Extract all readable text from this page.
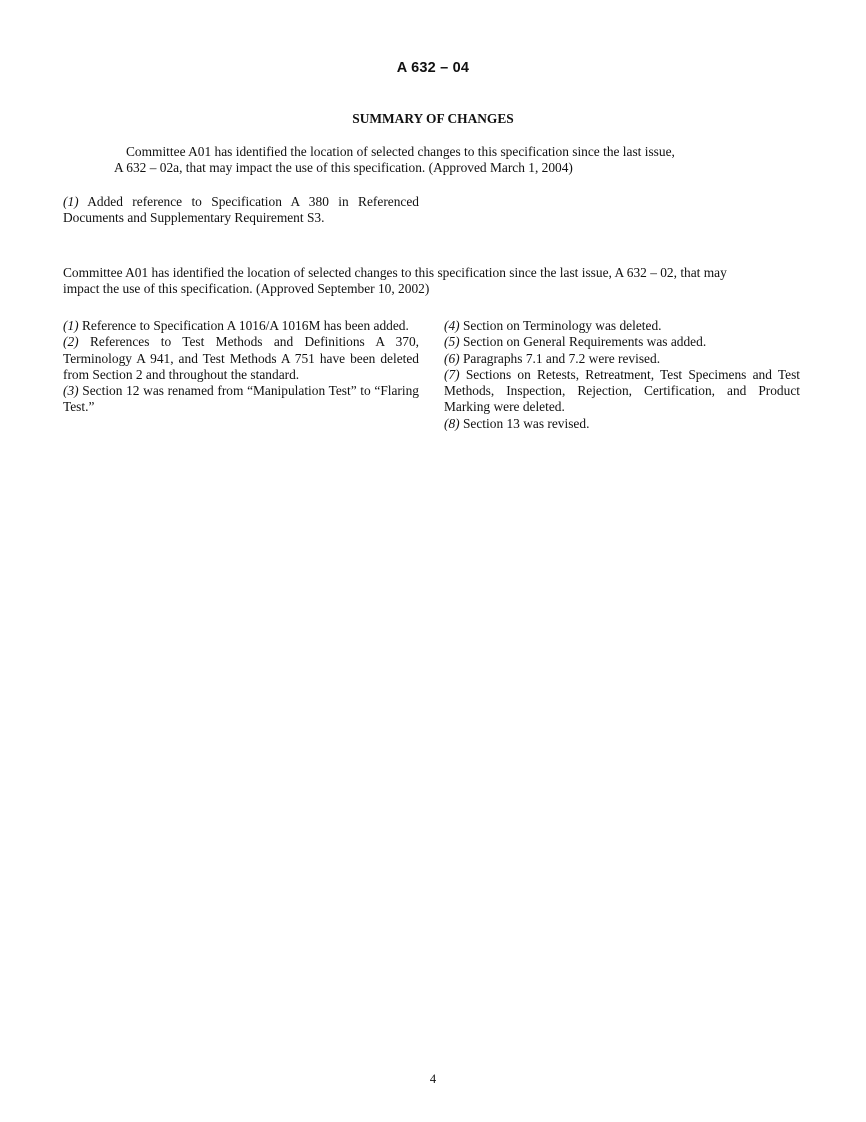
A 632 – 04
SUMMARY OF CHANGES
Committee A01 has identified the location of selected changes to this specification since the last issue,
A 632 – 02a, that may impact the use of this specification. (Approved March 1, 2004)

(1) Added reference to Specification A 380 in Referenced Documents and Supplementary Requirement S3.

Committee A01 has identified the location of selected changes to this specification since the last issue, A 632 – 02, that may
impact the use of this specification. (Approved September 10, 2002)

(1) Reference to Specification A 1016/A 1016M has been added.

(2) References to Test Methods and Definitions A 370, Terminology A 941, and Test Methods A 751 have been deleted from Section 2 and throughout the standard.

(3) Section 12 was renamed from “Manipulation Test” to “Flaring Test.”

(4) Section on Terminology was deleted.

(5) Section on General Requirements was added.

(6) Paragraphs 7.1 and 7.2 were revised.

(7) Sections on Retests, Retreatment, Test Specimens and Test Methods, Inspection, Rejection, Certification, and Product Marking were deleted.

(8) Section 13 was revised.

4
